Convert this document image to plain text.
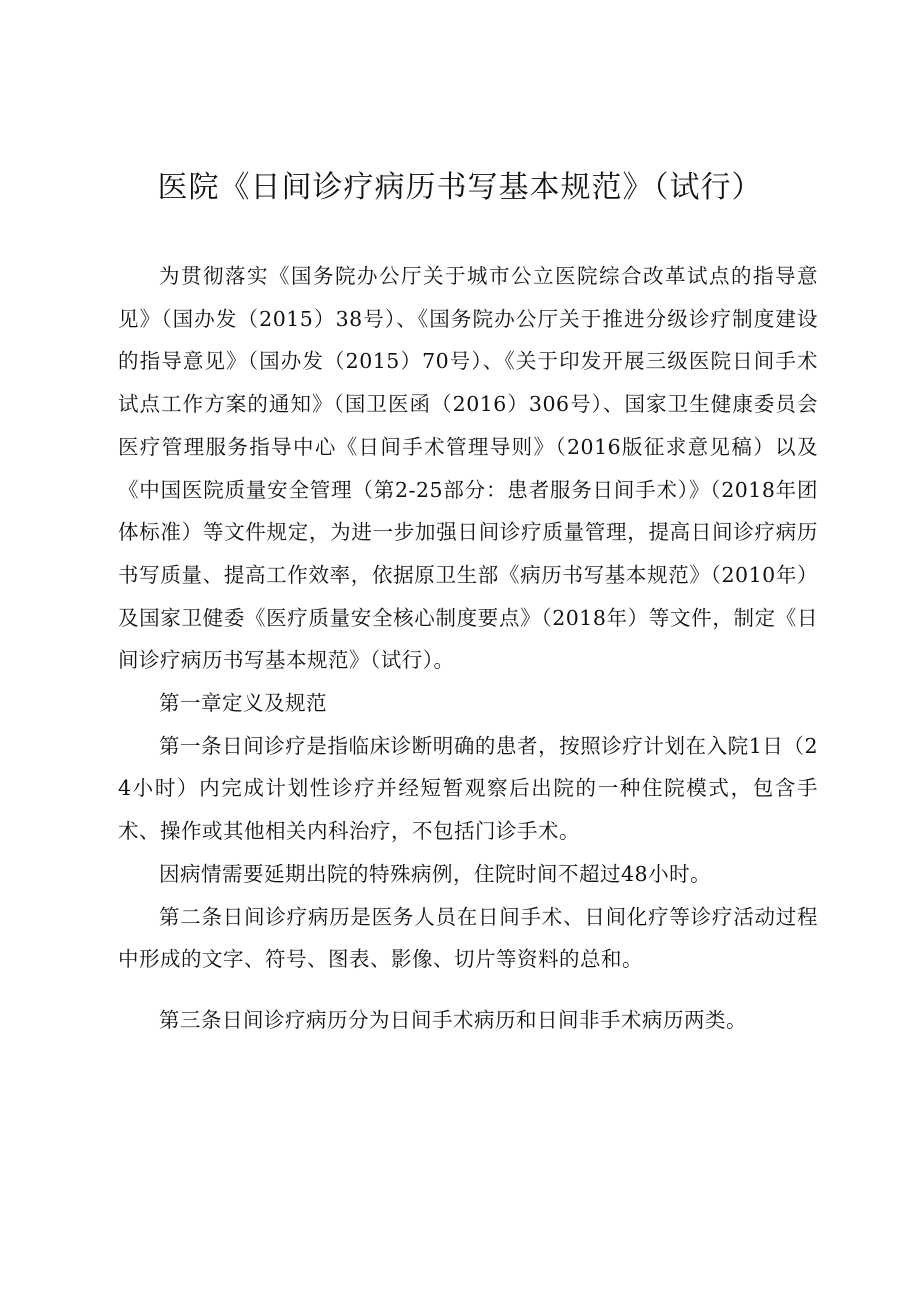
医院《日间诊疗病历书写基本规范》（试行）

为贯彻落实《国务院办公厅关于城市公立医院综合改革试点的指导意见》（国办发（2015）38号）、《国务院办公厅关于推进分级诊疗制度建设的指导意见》（国办发（2015）70号）、《关于印发开展三级医院日间手术试点工作方案的通知》（国卫医函（2016）306号）、国家卫生健康委员会医疗管理服务指导中心《日间手术管理导则》（2016版征求意见稿）以及《中国医院质量安全管理（第2-25部分：患者服务日间手术）》（2018年团体标准）等文件规定，为进一步加强日间诊疗质量管理，提高日间诊疗病历书写质量、提高工作效率，依据原卫生部《病历书写基本规范》（2010年）及国家卫健委《医疗质量安全核心制度要点》（2018年）等文件，制定《日间诊疗病历书写基本规范》（试行）。

第一章定义及规范

第一条日间诊疗是指临床诊断明确的患者，按照诊疗计划在入院1日（24小时）内完成计划性诊疗并经短暂观察后出院的一种住院模式，包含手术、操作或其他相关内科治疗，不包括门诊手术。

因病情需要延期出院的特殊病例，住院时间不超过48小时。

第二条日间诊疗病历是医务人员在日间手术、日间化疗等诊疗活动过程中形成的文字、符号、图表、影像、切片等资料的总和。

第三条日间诊疗病历分为日间手术病历和日间非手术病历两类。
